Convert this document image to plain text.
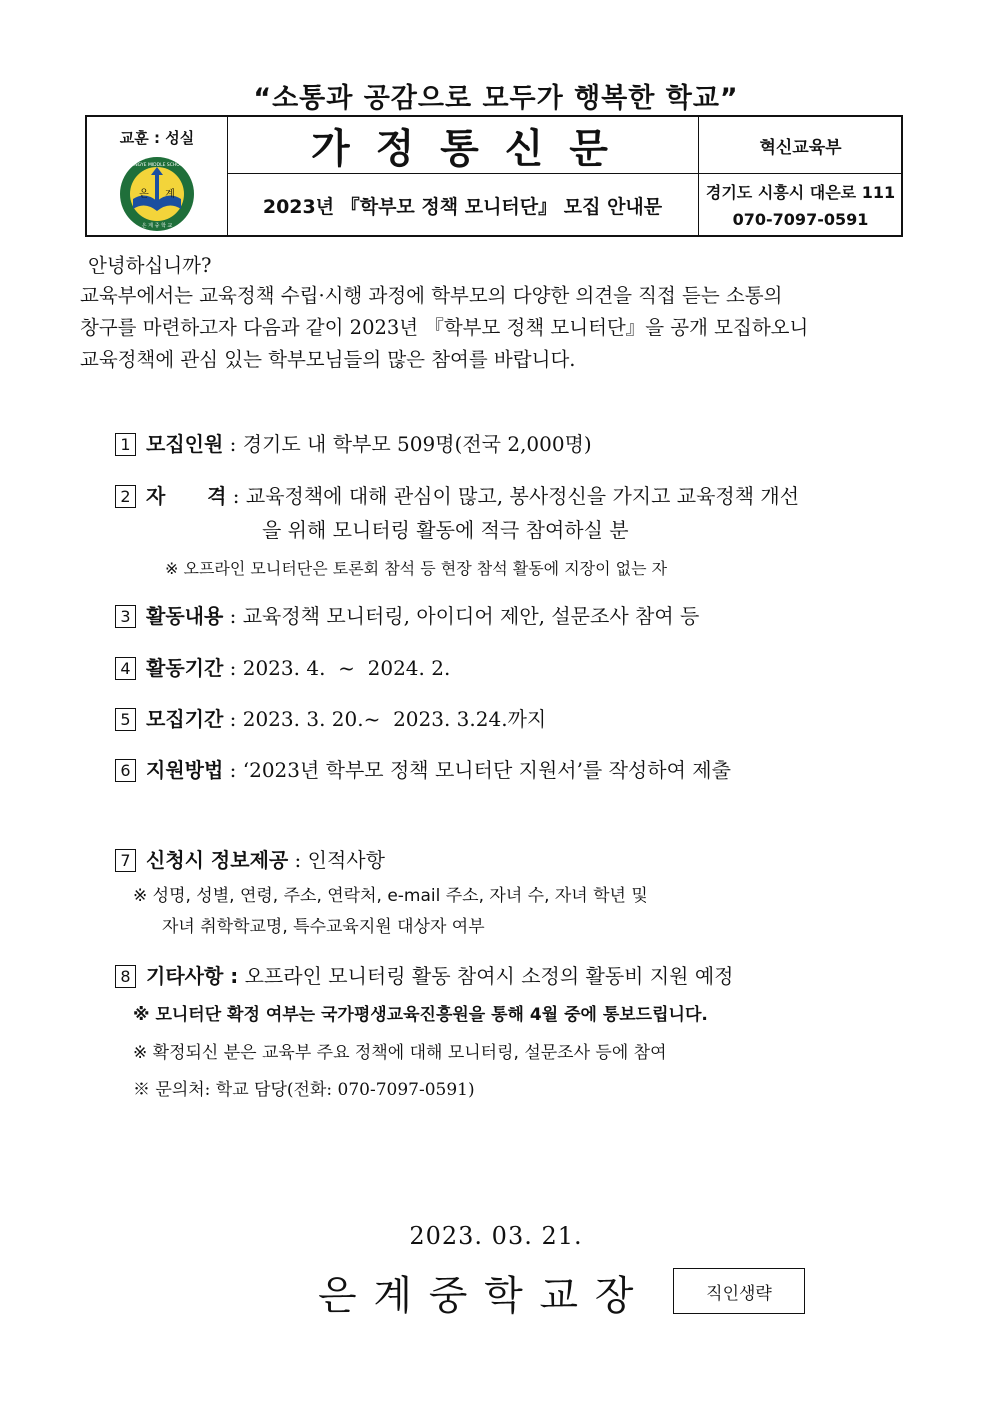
“소통과 공감으로 모두가 행복한 학교”
교훈 : 성실
은 계
EUNGYE MIDDLE SCHOOL
은 계 중 학 교
가 정 통 신 문
2023년 『학부모 정책 모니터단』 모집 안내문
혁신교육부
경기도 시흥시 대은로 111
070-7097-0591
안녕하십니까?
교육부에서는 교육정책 수립·시행 과정에 학부모의 다양한 의견을 직접 듣는 소통의
창구를 마련하고자 다음과 같이 2023년 『학부모 정책 모니터단』을 공개 모집하오니
교육정책에 관심 있는 학부모님들의 많은 참여를 바랍니다.
1 모집인원 : 경기도 내 학부모 509명(전국 2,000명)
2 자      격 : 교육정책에 대해 관심이 많고, 봉사정신을 가지고 교육정책 개선
을 위해 모니터링 활동에 적극 참여하실 분
※ 오프라인 모니터단은 토론회 참석 등 현장 참석 활동에 지장이 없는 자
3 활동내용 : 교육정책 모니터링, 아이디어 제안, 설문조사 참여 등
4 활동기간 : 2023. 4.  ~  2024. 2.
5 모집기간 : 2023. 3. 20.~  2023. 3.24.까지
6 지원방법 : ‘2023년 학부모 정책 모니터단 지원서’를 작성하여 제출
7 신청시 정보제공 : 인적사항
※ 성명, 성별, 연령, 주소, 연락처, e-mail 주소, 자녀 수, 자녀 학년 및
자녀 취학학교명, 특수교육지원 대상자 여부
8 기타사항 : 오프라인 모니터링 활동 참여시 소정의 활동비 지원 예정
※ 모니터단 확정 여부는 국가평생교육진흥원을 통해 4월 중에 통보드립니다.
※ 확정되신 분은 교육부 주요 정책에 대해 모니터링, 설문조사 등에 참여
※ 문의처: 학교 담당(전화: 070-7097-0591)
2023. 03. 21.
은 계 중 학 교 장	직인생략
